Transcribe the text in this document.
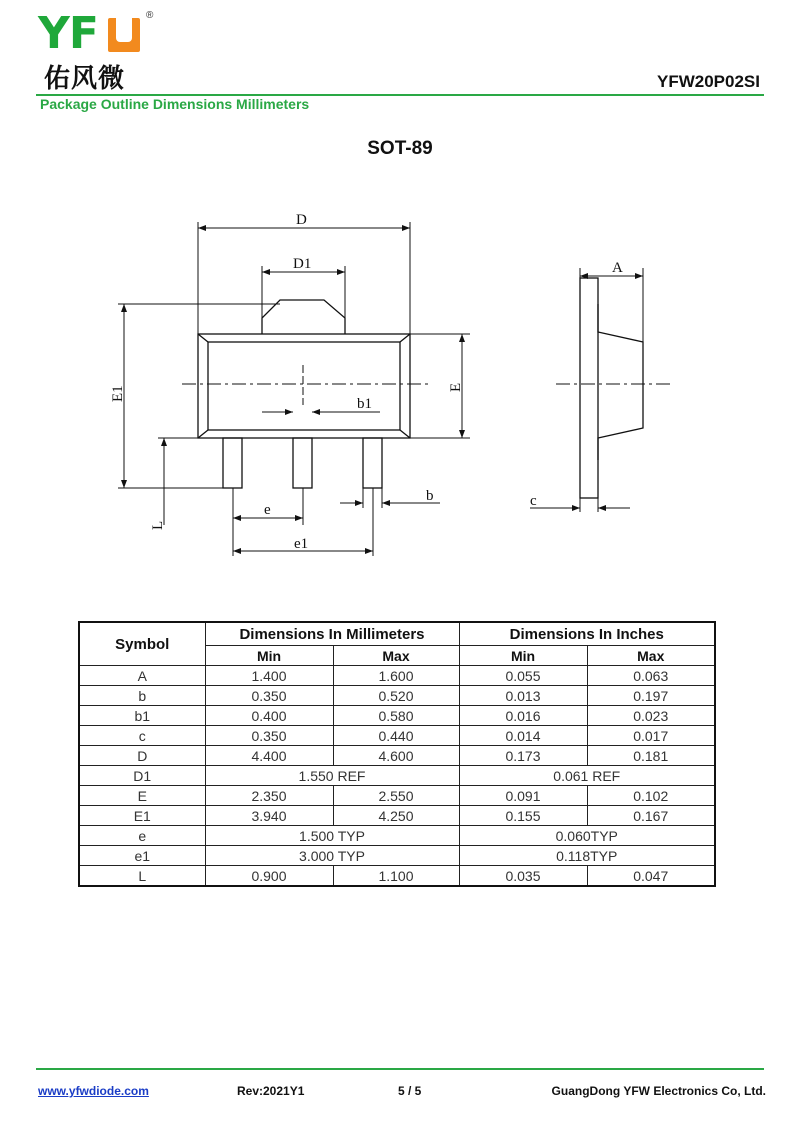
YF	®
佑风微	YFW20P02SI
Package Outline Dimensions Millimeters
SOT-89
D
D1
E1	E
L
b1
b
e
e1
A
c
Symbol	Dimensions In Millimeters		Dimensions In Inches	
	Min	Max	Min	Max
A	1.400	1.600	0.055	0.063
b	0.350	0.520	0.013	0.197
b1	0.400	0.580	0.016	0.023
c	0.350	0.440	0.014	0.017
D	4.400	4.600	0.173	0.181
D1	1.550 REF		0.061 REF	
E	2.350	2.550	0.091	0.102
E1	3.940	4.250	0.155	0.167
e	1.500 TYP		0.060TYP	
e1	3.000 TYP		0.118TYP	
L	0.900	1.100	0.035	0.047
www.yfwdiode.com	Rev:2021Y1	5 / 5	GuangDong YFW Electronics Co, Ltd.
